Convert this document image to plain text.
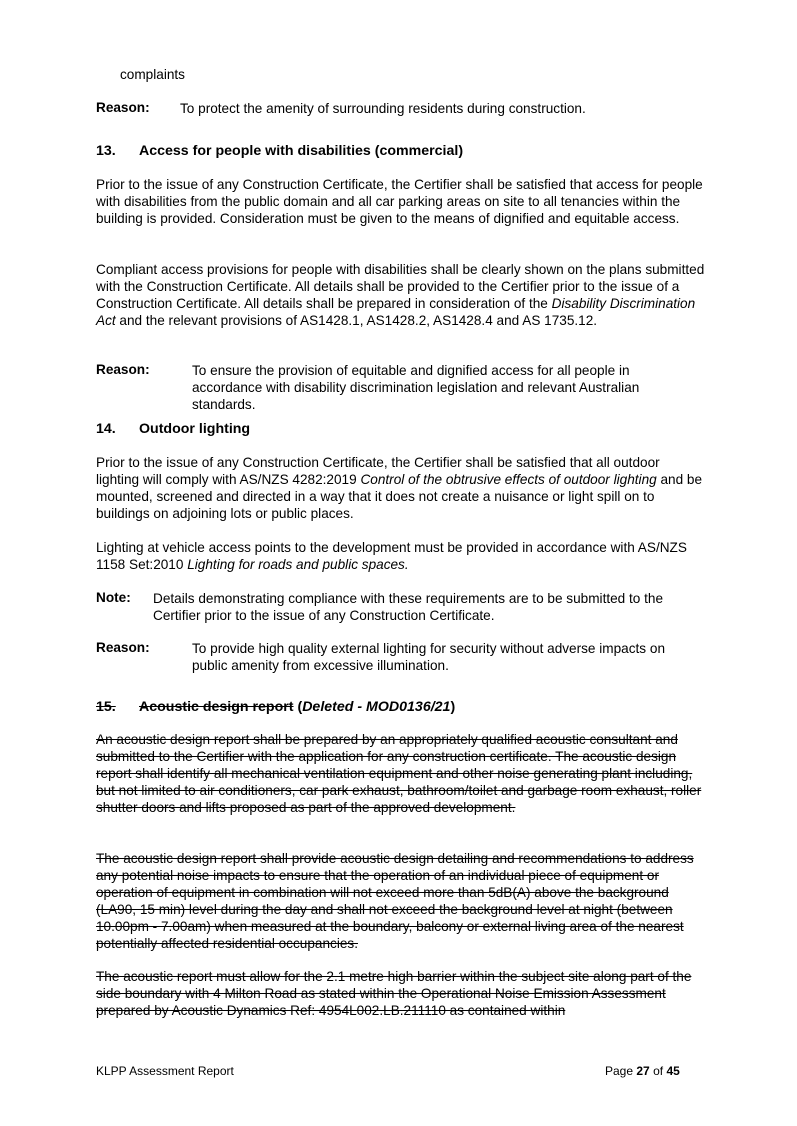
complaints

Reason:	To protect the amenity of surrounding residents during construction.
13. Access for people with disabilities (commercial)

Prior to the issue of any Construction Certificate, the Certifier shall be satisfied that access for people with disabilities from the public domain and all car parking areas on site to all tenancies within the building is provided. Consideration must be given to the means of dignified and equitable access.

Compliant access provisions for people with disabilities shall be clearly shown on the plans submitted with the Construction Certificate. All details shall be provided to the Certifier prior to the issue of a Construction Certificate. All details shall be prepared in consideration of the Disability Discrimination Act and the relevant provisions of AS1428.1, AS1428.2, AS1428.4 and AS 1735.12.

Reason:	To ensure the provision of equitable and dignified access for all people in accordance with disability discrimination legislation and relevant Australian standards.
14. Outdoor lighting

Prior to the issue of any Construction Certificate, the Certifier shall be satisfied that all outdoor lighting will comply with AS/NZS 4282:2019 Control of the obtrusive effects of outdoor lighting and be mounted, screened and directed in a way that it does not create a nuisance or light spill on to buildings on adjoining lots or public places.

Lighting at vehicle access points to the development must be provided in accordance with AS/NZS 1158 Set:2010 Lighting for roads and public spaces.

Note:	Details demonstrating compliance with these requirements are to be submitted to the Certifier prior to the issue of any Construction Certificate.
Reason:	To provide high quality external lighting for security without adverse impacts on public amenity from excessive illumination.
15. Acoustic design report (Deleted - MOD0136/21)

An acoustic design report shall be prepared by an appropriately qualified acoustic consultant and submitted to the Certifier with the application for any construction certificate. The acoustic design report shall identify all mechanical ventilation equipment and other noise generating plant including, but not limited to air conditioners, car park exhaust, bathroom/toilet and garbage room exhaust, roller shutter doors and lifts proposed as part of the approved development.

The acoustic design report shall provide acoustic design detailing and recommendations to address any potential noise impacts to ensure that the operation of an individual piece of equipment or operation of equipment in combination will not exceed more than 5dB(A) above the background (LA90, 15 min) level during the day and shall not exceed the background level at night (between 10.00pm - 7.00am) when measured at the boundary, balcony or external living area of the nearest potentially affected residential occupancies.

The acoustic report must allow for the 2.1 metre high barrier within the subject site along part of the side boundary with 4 Milton Road as stated within the Operational Noise Emission Assessment prepared by Acoustic Dynamics Ref: 4954L002.LB.211110 as contained within

KLPP Assessment Report	Page 27 of 45
